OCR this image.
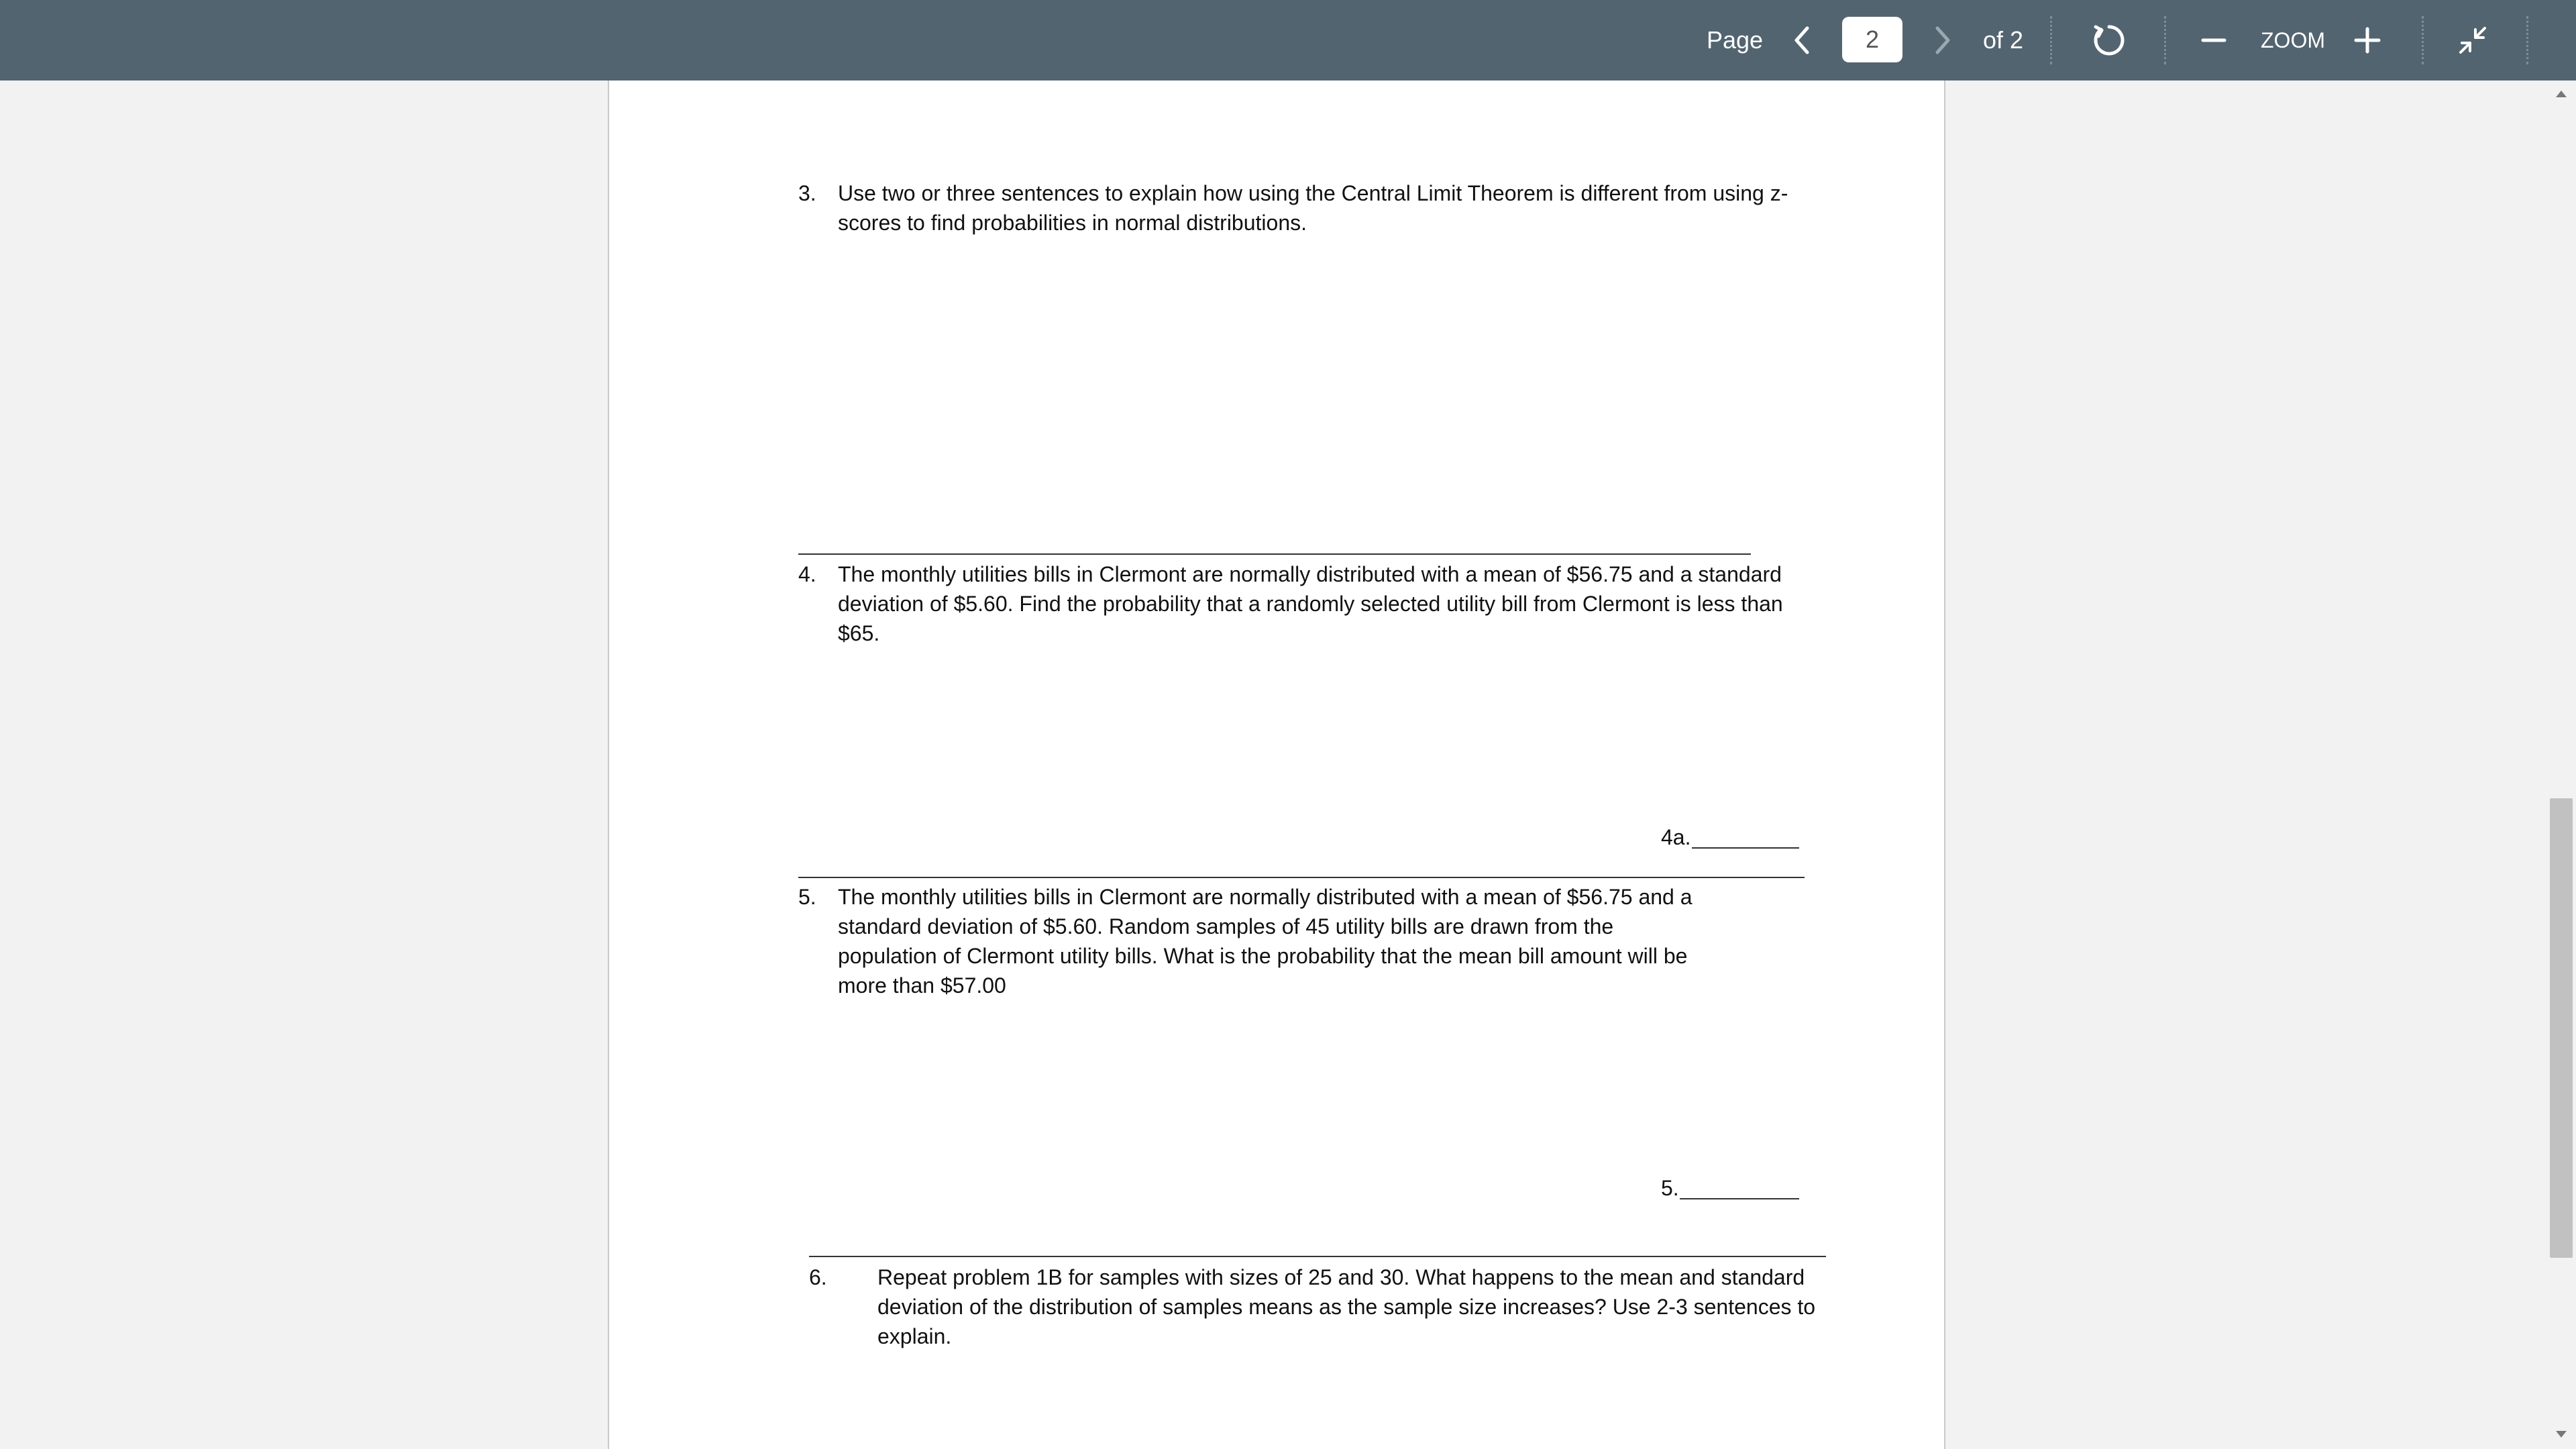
Page	2	of 2	ZOOM
3. Use two or three sentences to explain how using the Central Limit Theorem is different from using z-
scores to find probabilities in normal distributions.
4. The monthly utilities bills in Clermont are normally distributed with a mean of $56.75 and a standard
deviation of $5.60. Find the probability that a randomly selected utility bill from Clermont is less than
$65.
4a.
5. The monthly utilities bills in Clermont are normally distributed with a mean of $56.75 and a
standard deviation of $5.60. Random samples of 45 utility bills are drawn from the
population of Clermont utility bills. What is the probability that the mean bill amount will be
more than $57.00
5.
6. Repeat problem 1B for samples with sizes of 25 and 30. What happens to the mean and standard
deviation of the distribution of samples means as the sample size increases? Use 2-3 sentences to
explain.
